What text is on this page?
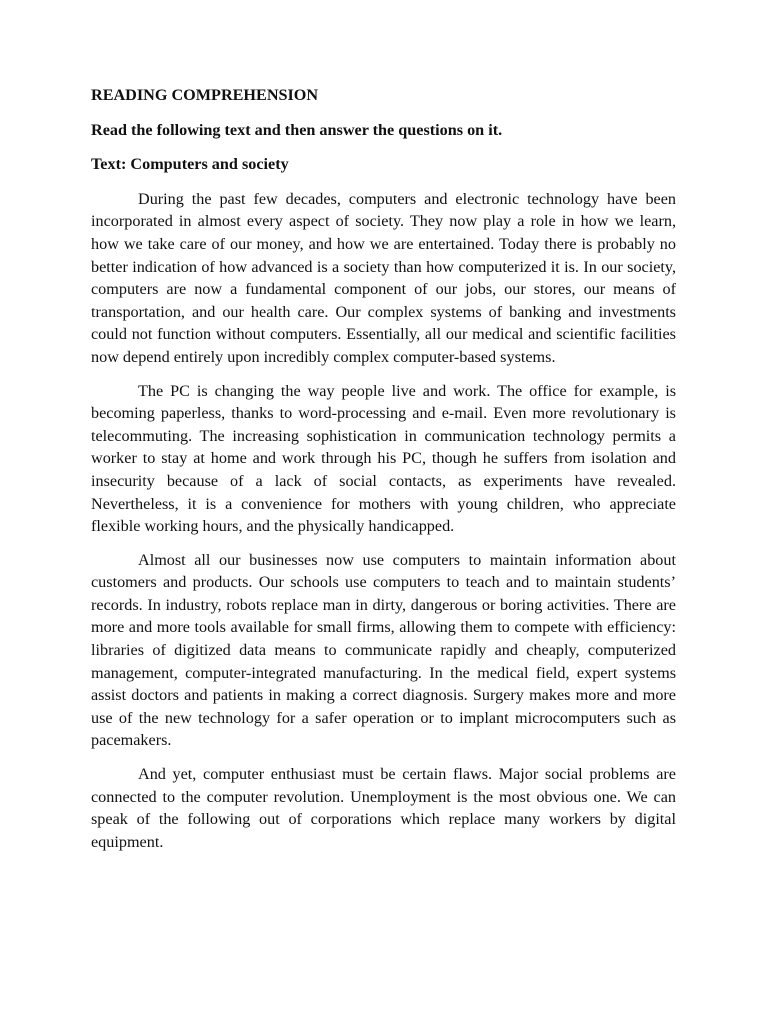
READING COMPREHENSION
Read the following text and then answer the questions on it.
Text: Computers and society

During the past few decades, computers and electronic technology have been incorporated in almost every aspect of society. They now play a role in how we learn, how we take care of our money, and how we are entertained. Today there is probably no better indication of how advanced is a society than how computerized it is. In our society, computers are now a fundamental component of our jobs, our stores, our means of transportation, and our health care. Our complex systems of banking and investments could not function without computers. Essentially, all our medical and scientific facilities now depend entirely upon incredibly complex computer-based systems.

The PC is changing the way people live and work. The office for example, is becoming paperless, thanks to word-processing and e-mail. Even more revolutionary is telecommuting. The increasing sophistication in communication technology permits a worker to stay at home and work through his PC, though he suffers from isolation and insecurity because of a lack of social contacts, as experiments have revealed. Nevertheless, it is a convenience for mothers with young children, who appreciate flexible working hours, and the physically handicapped.

Almost all our businesses now use computers to maintain information about customers and products. Our schools use computers to teach and to maintain students’ records. In industry, robots replace man in dirty, dangerous or boring activities. There are more and more tools available for small firms, allowing them to compete with efficiency: libraries of digitized data means to communicate rapidly and cheaply, computerized management, computer-integrated manufacturing. In the medical field, expert systems assist doctors and patients in making a correct diagnosis. Surgery makes more and more use of the new technology for a safer operation or to implant microcomputers such as pacemakers.

And yet, computer enthusiast must be certain flaws. Major social problems are connected to the computer revolution. Unemployment is the most obvious one. We can speak of the following out of corporations which replace many workers by digital equipment.
